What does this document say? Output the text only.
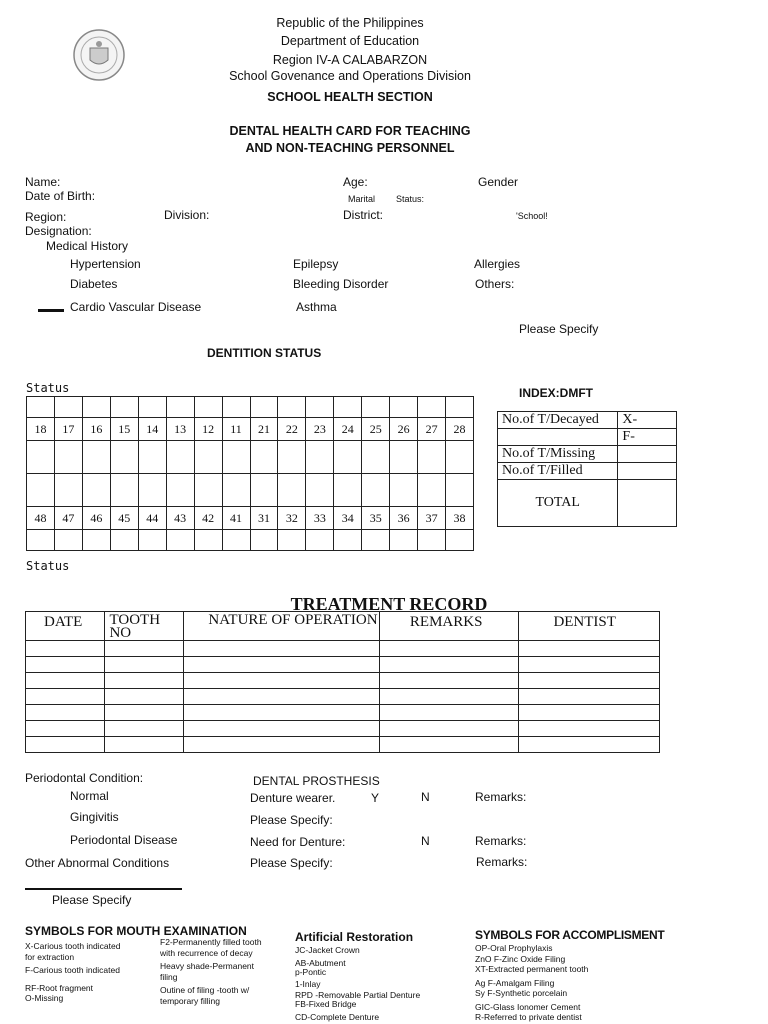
Republic of the Philippines
Department of Education
Region IV-A CALABARZON
School Govenance and Operations Division
SCHOOL HEALTH SECTION
DENTAL HEALTH CARD FOR TEACHING
AND NON-TEACHING PERSONNEL
Name:	Age:	Gender
Date of Birth:	Marital Status:
Region:	Division:	District:	'School!
Designation:
Medical History
Hypertension	Epilepsy	Allergies
Diabetes	Bleeding Disorder	Others:
Cardio Vascular Disease	Asthma
Please Specify
DENTITION STATUS
Status
Status

18	17	16	15	14	13	12	11	21	22	23	24	25	26	27	28

48	47	46	45	44	43	42	41	31	32	33	34	35	36	37	38

INDEX:DMFT
No.of T/Decayed	X-
	F-
No.of T/Missing	
No.of T/Filled	
TOTAL	
TREATMENT RECORD
DATE	TOOTH NO	NATURE OF OPERATION	REMARKS	DENTIST

Periodontal Condition:
Normal
Gingivitis
Periodontal Disease
Other Abnormal Conditions
Please Specify
DENTAL PROSTHESIS
Denture wearer.	Y	N	Remarks:
Please Specify:
Need for Denture:	N	Remarks:
Please Specify:	Remarks:
SYMBOLS FOR MOUTH EXAMINATION
X-Carious tooth indicated
for extraction
F-Carious tooth indicated
RF-Root fragment
O-Missing
F2-Permanently filled tooth
with recurrence of decay
Heavy shade-Permanent
filing
Outine of filing -tooth w/
temporary filling
Artificial Restoration
JC-Jacket Crown
AB-Abutment
p-Pontic
1-Inlay
RPD -Removable Partial Denture
FB-Fixed Bridge
CD-Complete Denture
SYMBOLS FOR ACCOMPLISMENT
OP-Oral Prophylaxis
ZnO F-Zinc Oxide Filing
XT-Extracted permanent tooth
Ag F-Amalgam Filing
Sy F-Synthetic porcelain
GIC-Glass Ionomer Cement
R-Referred to private dentist
